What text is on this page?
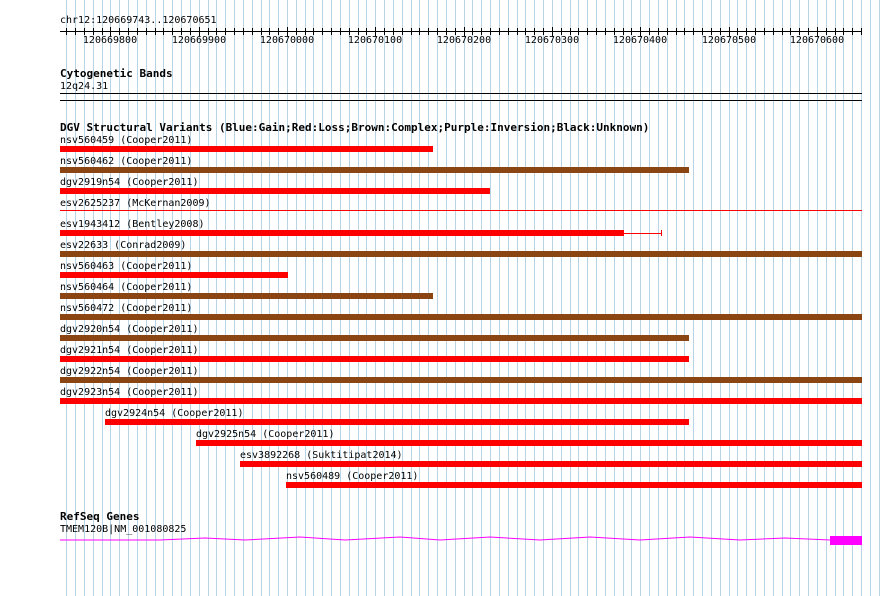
chr12:120669743..120670651
120669800	120669900	120670000	120670100	120670200	120670300	120670400	120670500	120670600
Cytogenetic Bands
12q24.31
DGV Structural Variants (Blue:Gain;Red:Loss;Brown:Complex;Purple:Inversion;Black:Unknown)
nsv560459 (Cooper2011)
nsv560462 (Cooper2011)
dgv2919n54 (Cooper2011)
esv2625237 (McKernan2009)
esv1943412 (Bentley2008)
esv22633 (Conrad2009)
nsv560463 (Cooper2011)
nsv560464 (Cooper2011)
nsv560472 (Cooper2011)
dgv2920n54 (Cooper2011)
dgv2921n54 (Cooper2011)
dgv2922n54 (Cooper2011)
dgv2923n54 (Cooper2011)
dgv2924n54 (Cooper2011)
dgv2925n54 (Cooper2011)
esv3892268 (Suktitipat2014)
nsv560489 (Cooper2011)
RefSeq Genes
TMEM120B|NM_001080825
